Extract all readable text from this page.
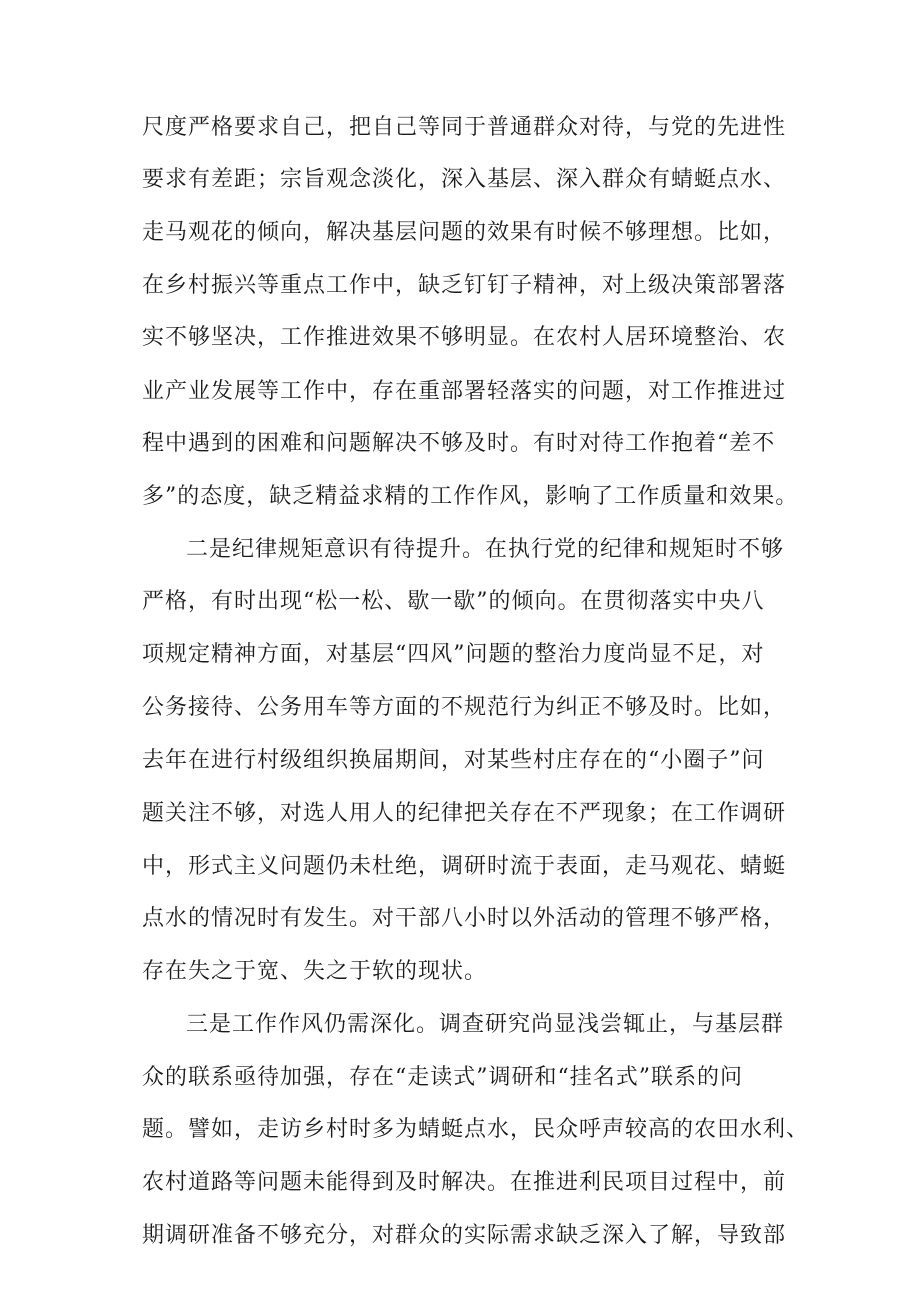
尺度严格要求自己，把自己等同于普通群众对待，与党的先进性
要求有差距；宗旨观念淡化，深入基层、深入群众有蜻蜓点水、
走马观花的倾向，解决基层问题的效果有时候不够理想。比如，
在乡村振兴等重点工作中，缺乏钉钉子精神，对上级决策部署落
实不够坚决，工作推进效果不够明显。在农村人居环境整治、农
业产业发展等工作中，存在重部署轻落实的问题，对工作推进过
程中遇到的困难和问题解决不够及时。有时对待工作抱着“差不
多”的态度，缺乏精益求精的工作作风，影响了工作质量和效果。
二是纪律规矩意识有待提升。在执行党的纪律和规矩时不够
严格，有时出现“松一松、歇一歇”的倾向。在贯彻落实中央八
项规定精神方面，对基层“四风”问题的整治力度尚显不足，对
公务接待、公务用车等方面的不规范行为纠正不够及时。比如，
去年在进行村级组织换届期间，对某些村庄存在的“小圈子”问
题关注不够，对选人用人的纪律把关存在不严现象；在工作调研
中，形式主义问题仍未杜绝，调研时流于表面，走马观花、蜻蜓
点水的情况时有发生。对干部八小时以外活动的管理不够严格，
存在失之于宽、失之于软的现状。
三是工作作风仍需深化。调查研究尚显浅尝辄止，与基层群
众的联系亟待加强，存在“走读式”调研和“挂名式”联系的问
题。譬如，走访乡村时多为蜻蜓点水，民众呼声较高的农田水利、
农村道路等问题未能得到及时解决。在推进利民项目过程中，前
期调研准备不够充分，对群众的实际需求缺乏深入了解，导致部
